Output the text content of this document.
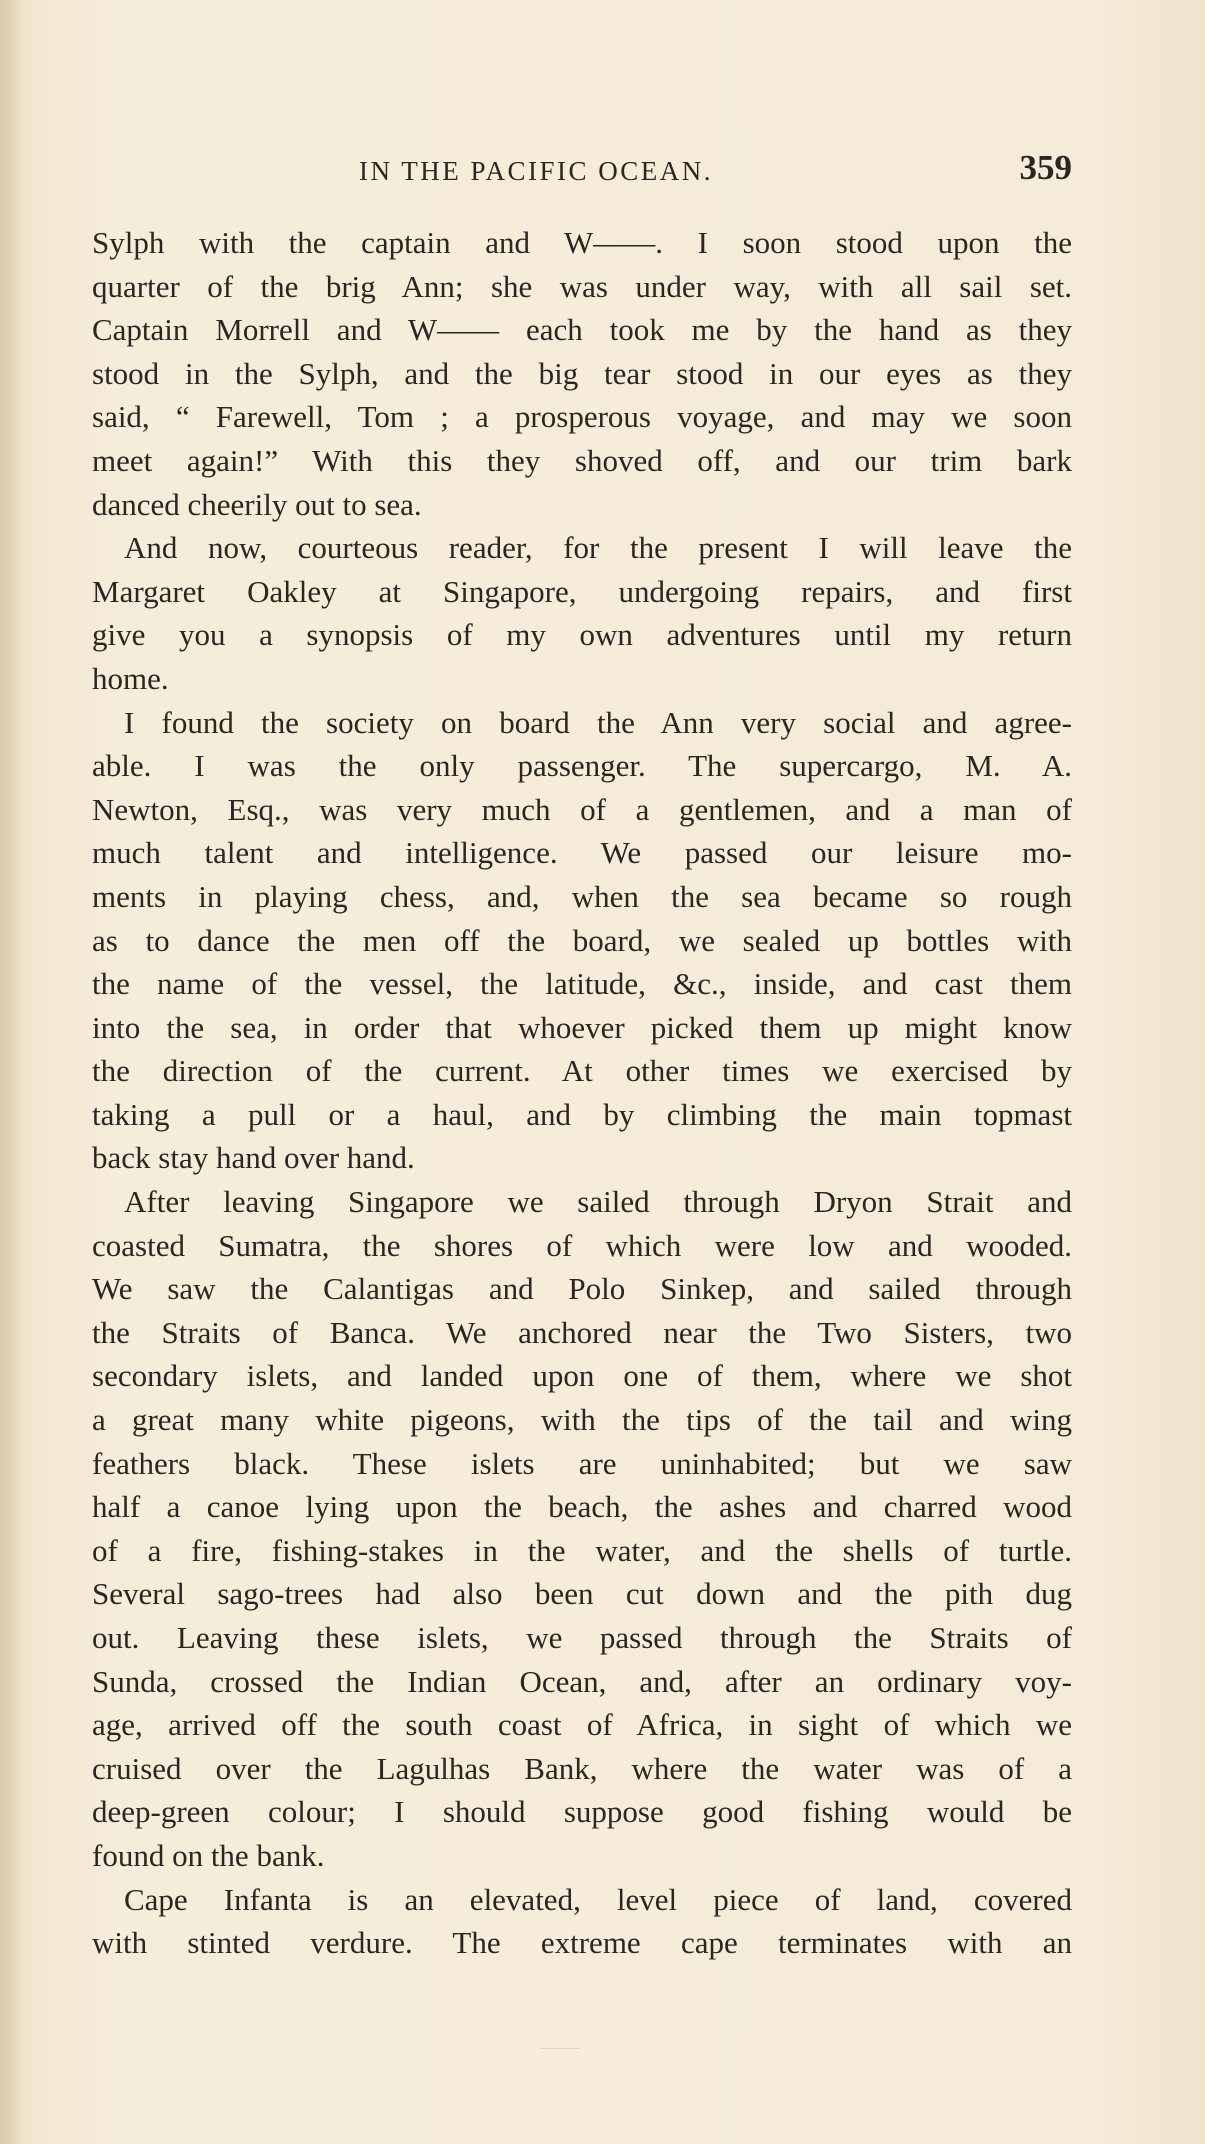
IN THE PACIFIC OCEAN.	359
Sylph with the captain and W——. I soon stood upon the
quarter of the brig Ann; she was under way, with all sail set.
Captain Morrell and W—— each took me by the hand as they
stood in the Sylph, and the big tear stood in our eyes as they
said, “ Farewell, Tom ; a prosperous voyage, and may we soon
meet again!” With this they shoved off, and our trim bark
danced cheerily out to sea.
And now, courteous reader, for the present I will leave the
Margaret Oakley at Singapore, undergoing repairs, and first
give you a synopsis of my own adventures until my return
home.
I found the society on board the Ann very social and agree-
able. I was the only passenger. The supercargo, M. A.
Newton, Esq., was very much of a gentlemen, and a man of
much talent and intelligence. We passed our leisure mo-
ments in playing chess, and, when the sea became so rough
as to dance the men off the board, we sealed up bottles with
the name of the vessel, the latitude, &c., inside, and cast them
into the sea, in order that whoever picked them up might know
the direction of the current. At other times we exercised by
taking a pull or a haul, and by climbing the main topmast
back stay hand over hand.
After leaving Singapore we sailed through Dryon Strait and
coasted Sumatra, the shores of which were low and wooded.
We saw the Calantigas and Polo Sinkep, and sailed through
the Straits of Banca. We anchored near the Two Sisters, two
secondary islets, and landed upon one of them, where we shot
a great many white pigeons, with the tips of the tail and wing
feathers black. These islets are uninhabited; but we saw
half a canoe lying upon the beach, the ashes and charred wood
of a fire, fishing-stakes in the water, and the shells of turtle.
Several sago-trees had also been cut down and the pith dug
out. Leaving these islets, we passed through the Straits of
Sunda, crossed the Indian Ocean, and, after an ordinary voy-
age, arrived off the south coast of Africa, in sight of which we
cruised over the Lagulhas Bank, where the water was of a
deep-green colour; I should suppose good fishing would be
found on the bank.
Cape Infanta is an elevated, level piece of land, covered
with stinted verdure. The extreme cape terminates with an
